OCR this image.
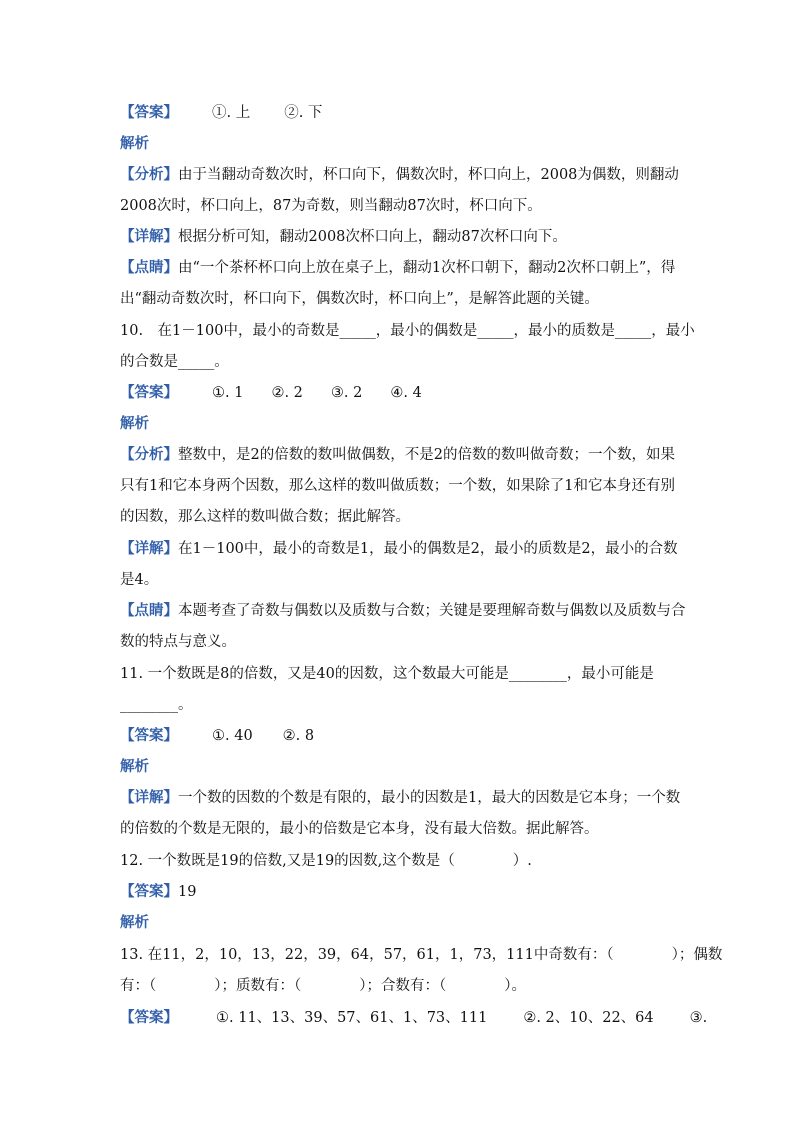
【答案】 ①. 上 ②. 下
解析
【分析】由于当翻动奇数次时，杯口向下，偶数次时，杯口向上，2008为偶数，则翻动
2008次时，杯口向上，87为奇数，则当翻动87次时，杯口向下。
【详解】根据分析可知，翻动2008次杯口向上，翻动87次杯口向下。
【点睛】由“一个茶杯杯口向上放在桌子上，翻动1次杯口朝下，翻动2次杯口朝上”，得
出“翻动奇数次时，杯口向下，偶数次时，杯口向上”，是解答此题的关键。
10.　在1－100中，最小的奇数是_____，最小的偶数是_____，最小的质数是_____，最小
的合数是_____。
【答案】 ①. 1 ②. 2 ③. 2 ④. 4
解析
【分析】整数中，是2的倍数的数叫做偶数，不是2的倍数的数叫做奇数；一个数，如果
只有1和它本身两个因数，那么这样的数叫做质数；一个数，如果除了1和它本身还有别
的因数，那么这样的数叫做合数；据此解答。
【详解】在1－100中，最小的奇数是1，最小的偶数是2，最小的质数是2，最小的合数
是4。
【点睛】本题考查了奇数与偶数以及质数与合数；关键是要理解奇数与偶数以及质数与合
数的特点与意义。
11. 一个数既是8的倍数，又是40的因数，这个数最大可能是________，最小可能是
________。
【答案】 ①. 40 ②. 8
解析
【详解】一个数的因数的个数是有限的，最小的因数是1，最大的因数是它本身；一个数
的倍数的个数是无限的，最小的倍数是它本身，没有最大倍数。据此解答。
12. 一个数既是19的倍数,又是19的因数,这个数是（　　　　）.
【答案】19
解析
13. 在11，2，10，13，22，39，64，57，61，1，73，111中奇数有：（　　　　）；偶数
有：（　　　　）；质数有：（　　　　）；合数有：（　　　　）。
【答案】	①. 11、13、39、57、61、1、73、111 ②. 2、10、22、64 ③.
